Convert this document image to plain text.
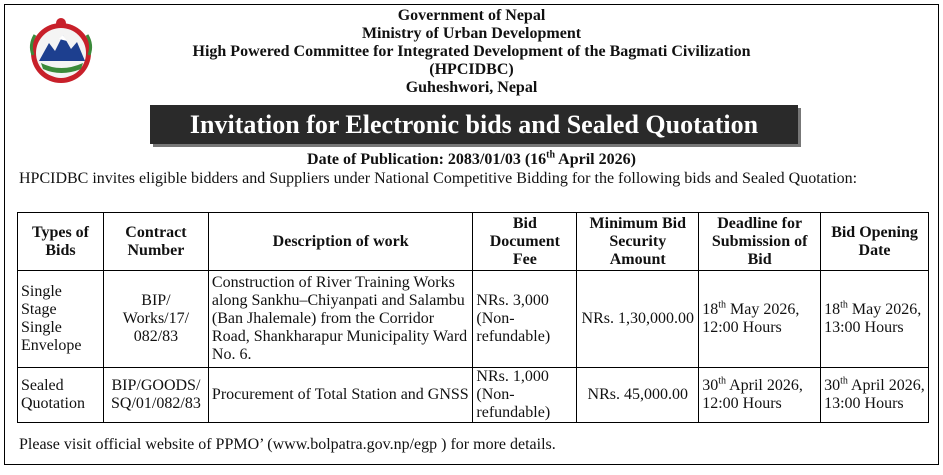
Government of Nepal
Ministry of Urban Development
High Powered Committee for Integrated Development of the Bagmati Civilization
(HPCIDBC)
Guheshwori, Nepal
Invitation for Electronic bids and Sealed Quotation
Date of Publication: 2083/01/03 (16th April 2026)
HPCIDBC invites eligible bidders and Suppliers under National Competitive Bidding for the following bids and Sealed Quotation:
Types of Bids	Contract Number	Description of work	Bid Document Fee	Minimum Bid Security Amount	Deadline for Submission of Bid	Bid Opening Date
Single Stage Single Envelope	BIP/ Works/17/ 082/83	Construction of River Training Works along Sankhu–Chiyanpati and Salambu (Ban Jhalemale) from the Corridor Road, Shankharapur Municipality Ward No. 6.	NRs. 3,000 (Non-refundable)	NRs. 1,30,000.00	18th May 2026, 12:00 Hours	18th May 2026, 13:00 Hours
Sealed Quotation	BIP/GOODS/ SQ/01/082/83	Procurement of Total Station and GNSS	NRs. 1,000 (Non-refundable)	NRs. 45,000.00	30th April 2026, 12:00 Hours	30th April 2026, 13:00 Hours
Please visit official website of PPMO’ (www.bolpatra.gov.np/egp ) for more details.
